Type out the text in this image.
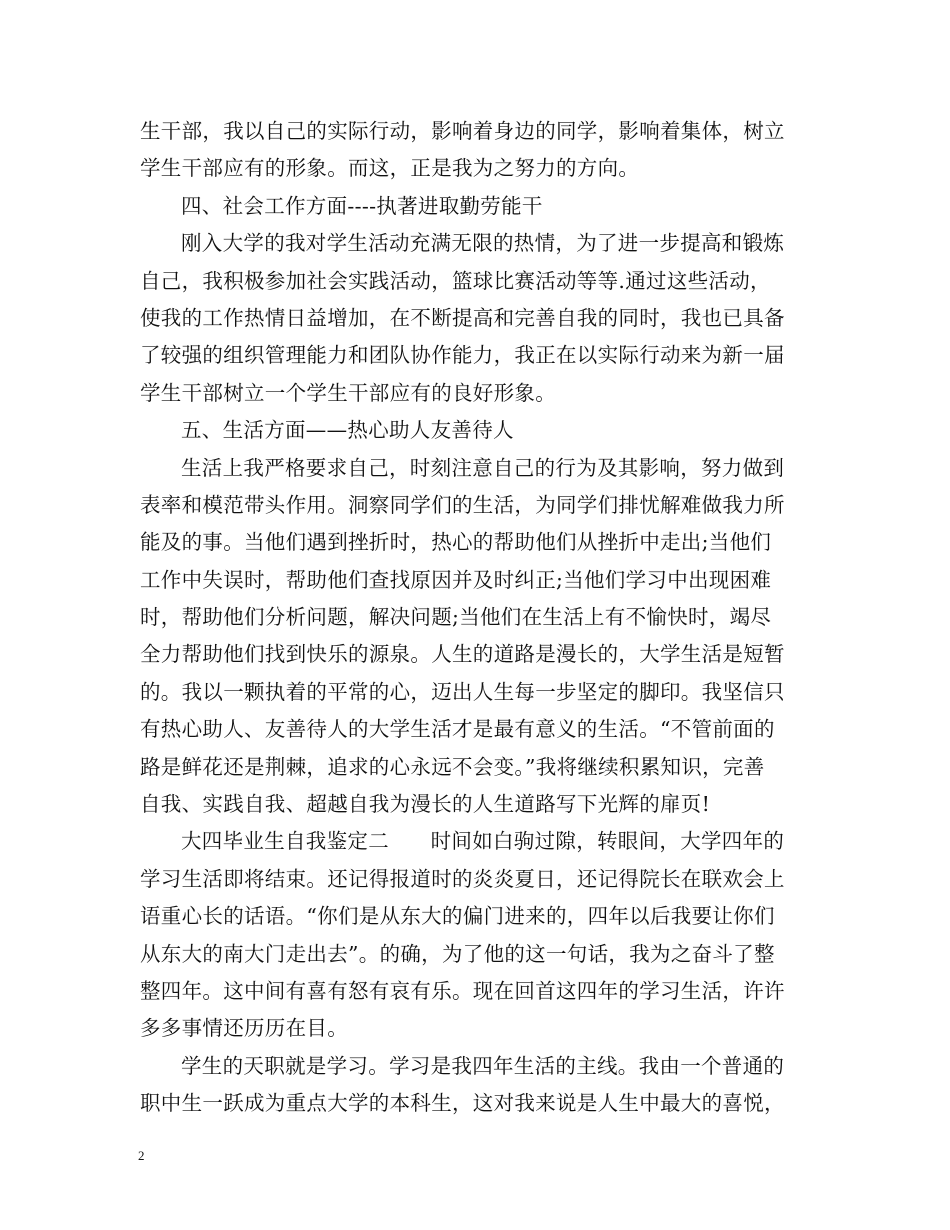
生干部，我以自己的实际行动，影响着身边的同学，影响着集体，树立
学生干部应有的形象。而这，正是我为之努力的方向。
四、社会工作方面----执著进取勤劳能干
刚入大学的我对学生活动充满无限的热情，为了进一步提高和锻炼
自己，我积极参加社会实践活动，篮球比赛活动等等.通过这些活动，
使我的工作热情日益增加，在不断提高和完善自我的同时，我也已具备
了较强的组织管理能力和团队协作能力，我正在以实际行动来为新一届
学生干部树立一个学生干部应有的良好形象。
五、生活方面——热心助人友善待人
生活上我严格要求自己，时刻注意自己的行为及其影响，努力做到
表率和模范带头作用。洞察同学们的生活，为同学们排忧解难做我力所
能及的事。当他们遇到挫折时，热心的帮助他们从挫折中走出;当他们
工作中失误时，帮助他们查找原因并及时纠正;当他们学习中出现困难
时，帮助他们分析问题，解决问题;当他们在生活上有不愉快时，竭尽
全力帮助他们找到快乐的源泉。人生的道路是漫长的，大学生活是短暂
的。我以一颗执着的平常的心，迈出人生每一步坚定的脚印。我坚信只
有热心助人、友善待人的大学生活才是最有意义的生活。“不管前面的
路是鲜花还是荆棘，追求的心永远不会变。”我将继续积累知识，完善
自我、实践自我、超越自我为漫长的人生道路写下光辉的扉页!
大四毕业生自我鉴定二　　时间如白驹过隙，转眼间，大学四年的
学习生活即将结束。还记得报道时的炎炎夏日，还记得院长在联欢会上
语重心长的话语。“你们是从东大的偏门进来的，四年以后我要让你们
从东大的南大门走出去”。的确，为了他的这一句话，我为之奋斗了整
整四年。这中间有喜有怒有哀有乐。现在回首这四年的学习生活，许许
多多事情还历历在目。
学生的天职就是学习。学习是我四年生活的主线。我由一个普通的
职中生一跃成为重点大学的本科生，这对我来说是人生中最大的喜悦，
2
